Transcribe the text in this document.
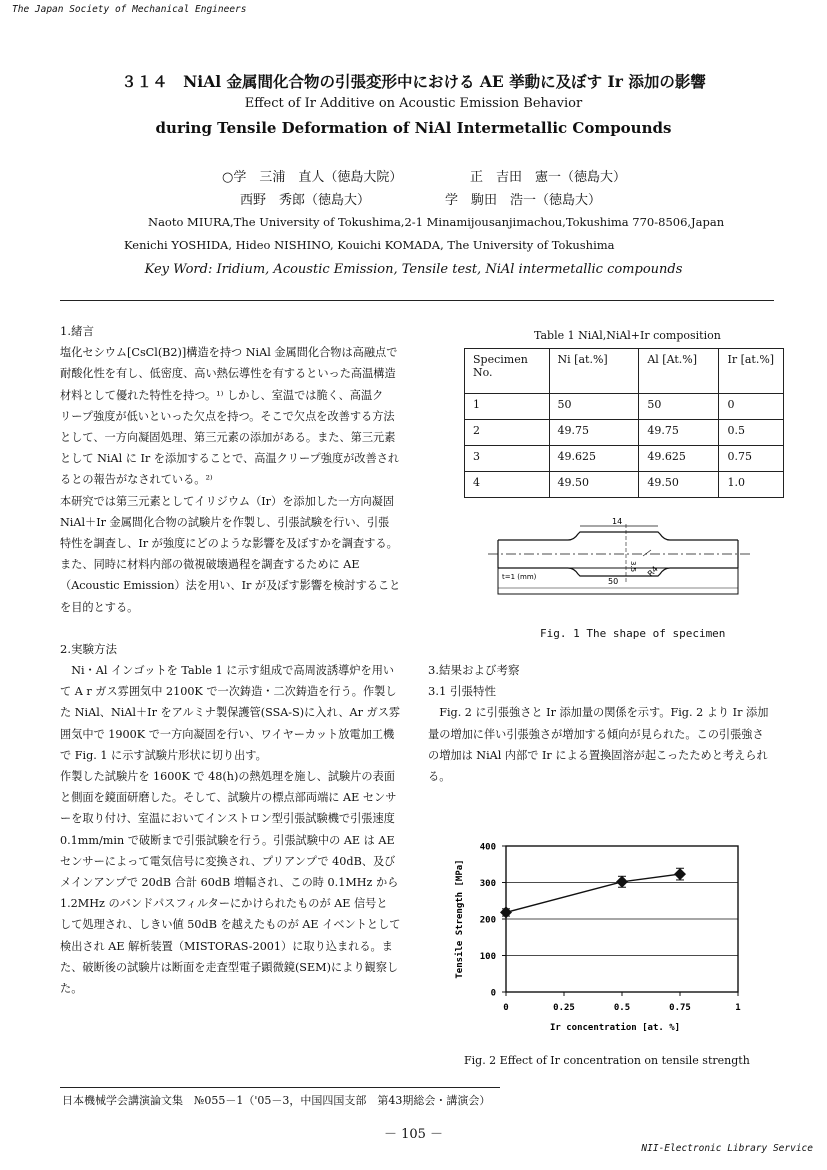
The Japan Society of Mechanical Engineers
３１４　NiAl 金属間化合物の引張変形中における AE 挙動に及ぼす Ir 添加の影響
Effect of Ir Additive on Acoustic Emission Behavior
during Tensile Deformation of NiAl Intermetallic Compounds
○学　三浦　直人（徳島大院）	正　吉田　憲一（徳島大）
西野　秀郎（徳島大）	学　駒田　浩一（徳島大）
Naoto MIURA,The University of Tokushima,2-1 Minamijousanjimachou,Tokushima 770-8506,Japan
Kenichi YOSHIDA, Hideo NISHINO, Kouichi KOMADA, The University of Tokushima
Key Word: Iridium, Acoustic Emission, Tensile test, NiAl intermetallic compounds
1.緒言

塩化セシウム[CsCl(B2)]構造を持つ NiAl 金属間化合物は高融点で

耐酸化性を有し、低密度、高い熱伝導性を有するといった高温構造

材料として優れた特性を持つ。¹⁾ しかし、室温では脆く、高温ク

リープ強度が低いといった欠点を持つ。そこで欠点を改善する方法

として、一方向凝固処理、第三元素の添加がある。また、第三元素

として NiAl に Ir を添加することで、高温クリープ強度が改善され

るとの報告がなされている。²⁾

本研究では第三元素としてイリジウム（Ir）を添加した一方向凝固

NiAl＋Ir 金属間化合物の試験片を作製し、引張試験を行い、引張

特性を調査し、Ir が強度にどのような影響を及ぼすかを調査する。

また、同時に材料内部の微視破壊過程を調査するために AE

（Acoustic Emission）法を用い、Ir が及ぼす影響を検討すること

を目的とする。

2.実験方法

　Ni・Al インゴットを Table 1 に示す組成で高周波誘導炉を用い

て A r ガス雰囲気中 2100K で一次鋳造・二次鋳造を行う。作製し

た NiAl、NiAl＋Ir をアルミナ製保護管(SSA-S)に入れ、Ar ガス雰

囲気中で 1900K で一方向凝固を行い、ワイヤーカット放電加工機

で Fig. 1 に示す試験片形状に切り出す。

作製した試験片を 1600K で 48(h)の熱処理を施し、試験片の表面

と側面を鏡面研磨した。そして、試験片の標点部両端に AE センサ

ーを取り付け、室温においてインストロン型引張試験機で引張速度

0.1mm/min で破断まで引張試験を行う。引張試験中の AE は AE

センサーによって電気信号に変換され、プリアンプで 40dB、及び

メインアンプで 20dB 合計 60dB 増幅され、この時 0.1MHz から

1.2MHz のバンドパスフィルターにかけられたものが AE 信号と

して処理され、しきい値 50dB を越えたものが AE イベントとして

検出され AE 解析装置（MISTORAS-2001）に取り込まれる。ま

た、破断後の試験片は断面を走査型電子顕微鏡(SEM)により観察し

た。

Table 1 NiAl,NiAl+Ir composition
Specimen No.	Ni [at.%]	Al [At.%]	Ir [at.%]
1	50	50	0
2	49.75	49.75	0.5
3	49.625	49.625	0.75
4	49.50	49.50	1.0
14
50
3.5 R4
t=1 (mm)
Fig. 1 The shape of specimen
3.結果および考察
3.1 引張特性

　Fig. 2 に引張強さと Ir 添加量の関係を示す。Fig. 2 より Ir 添加

量の増加に伴い引張強さが増加する傾向が見られた。この引張強さ

の増加は NiAl 内部で Ir による置換固溶が起こったためと考えられ

る。

0
100
200
300
400
0	0.25	0.5	0.75	1
Tensile Strength [MPa]
Ir concentration [at. %]
Fig. 2 Effect of Ir concentration on tensile strength
日本機械学会講演論文集　№055－1（'05－3，中国四国支部　第43期総会・講演会）
－ 105 －
NII-Electronic Library Service
